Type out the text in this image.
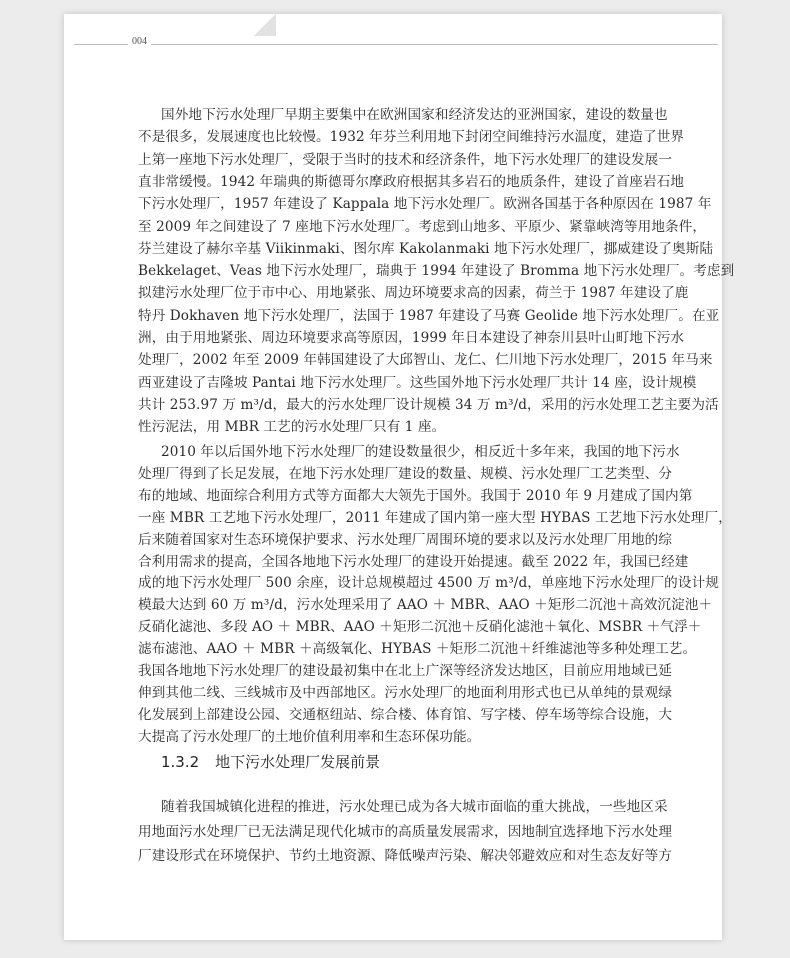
004
国外地下污水处理厂早期主要集中在欧洲国家和经济发达的亚洲国家，建设的数量也
不是很多，发展速度也比较慢。1932 年芬兰利用地下封闭空间维持污水温度，建造了世界
上第一座地下污水处理厂，受限于当时的技术和经济条件，地下污水处理厂的建设发展一
直非常缓慢。1942 年瑞典的斯德哥尔摩政府根据其多岩石的地质条件，建设了首座岩石地
下污水处理厂，1957 年建设了 Kappala 地下污水处理厂。欧洲各国基于各种原因在 1987 年
至 2009 年之间建设了 7 座地下污水处理厂。考虑到山地多、平原少、紧靠峡湾等用地条件，
芬兰建设了赫尔辛基 Viikinmaki、图尔库 Kakolanmaki 地下污水处理厂，挪威建设了奥斯陆
Bekkelaget、Veas 地下污水处理厂，瑞典于 1994 年建设了 Bromma 地下污水处理厂。考虑到
拟建污水处理厂位于市中心、用地紧张、周边环境要求高的因素，荷兰于 1987 年建设了鹿
特丹 Dokhaven 地下污水处理厂，法国于 1987 年建设了马赛 Geolide 地下污水处理厂。在亚
洲，由于用地紧张、周边环境要求高等原因，1999 年日本建设了神奈川县叶山町地下污水
处理厂，2002 年至 2009 年韩国建设了大邱智山、龙仁、仁川地下污水处理厂，2015 年马来
西亚建设了吉隆坡 Pantai 地下污水处理厂。这些国外地下污水处理厂共计 14 座，设计规模
共计 253.97 万 m³/d，最大的污水处理厂设计规模 34 万 m³/d，采用的污水处理工艺主要为活
性污泥法，用 MBR 工艺的污水处理厂只有 1 座。
2010 年以后国外地下污水处理厂的建设数量很少，相反近十多年来，我国的地下污水
处理厂得到了长足发展，在地下污水处理厂建设的数量、规模、污水处理厂工艺类型、分
布的地域、地面综合利用方式等方面都大大领先于国外。我国于 2010 年 9 月建成了国内第
一座 MBR 工艺地下污水处理厂，2011 年建成了国内第一座大型 HYBAS 工艺地下污水处理厂，
后来随着国家对生态环境保护要求、污水处理厂周围环境的要求以及污水处理厂用地的综
合利用需求的提高，全国各地地下污水处理厂的建设开始提速。截至 2022 年，我国已经建
成的地下污水处理厂 500 余座，设计总规模超过 4500 万 m³/d，单座地下污水处理厂的设计规
模最大达到 60 万 m³/d，污水处理采用了 AAO ＋ MBR、AAO ＋矩形二沉池＋高效沉淀池＋
反硝化滤池、多段 AO ＋ MBR、AAO ＋矩形二沉池＋反硝化滤池＋氧化、MSBR ＋气浮＋
滤布滤池、AAO ＋ MBR ＋高级氧化、HYBAS ＋矩形二沉池＋纤维滤池等多种处理工艺。
我国各地地下污水处理厂的建设最初集中在北上广深等经济发达地区，目前应用地域已延
伸到其他二线、三线城市及中西部地区。污水处理厂的地面利用形式也已从单纯的景观绿
化发展到上部建设公园、交通枢纽站、综合楼、体育馆、写字楼、停车场等综合设施，大
大提高了污水处理厂的土地价值利用率和生态环保功能。
随着我国城镇化进程的推进，污水处理已成为各大城市面临的重大挑战，一些地区采
用地面污水处理厂已无法满足现代化城市的高质量发展需求，因地制宜选择地下污水处理
厂建设形式在环境保护、节约土地资源、降低噪声污染、解决邻避效应和对生态友好等方
1.3.2 地下污水处理厂发展前景
